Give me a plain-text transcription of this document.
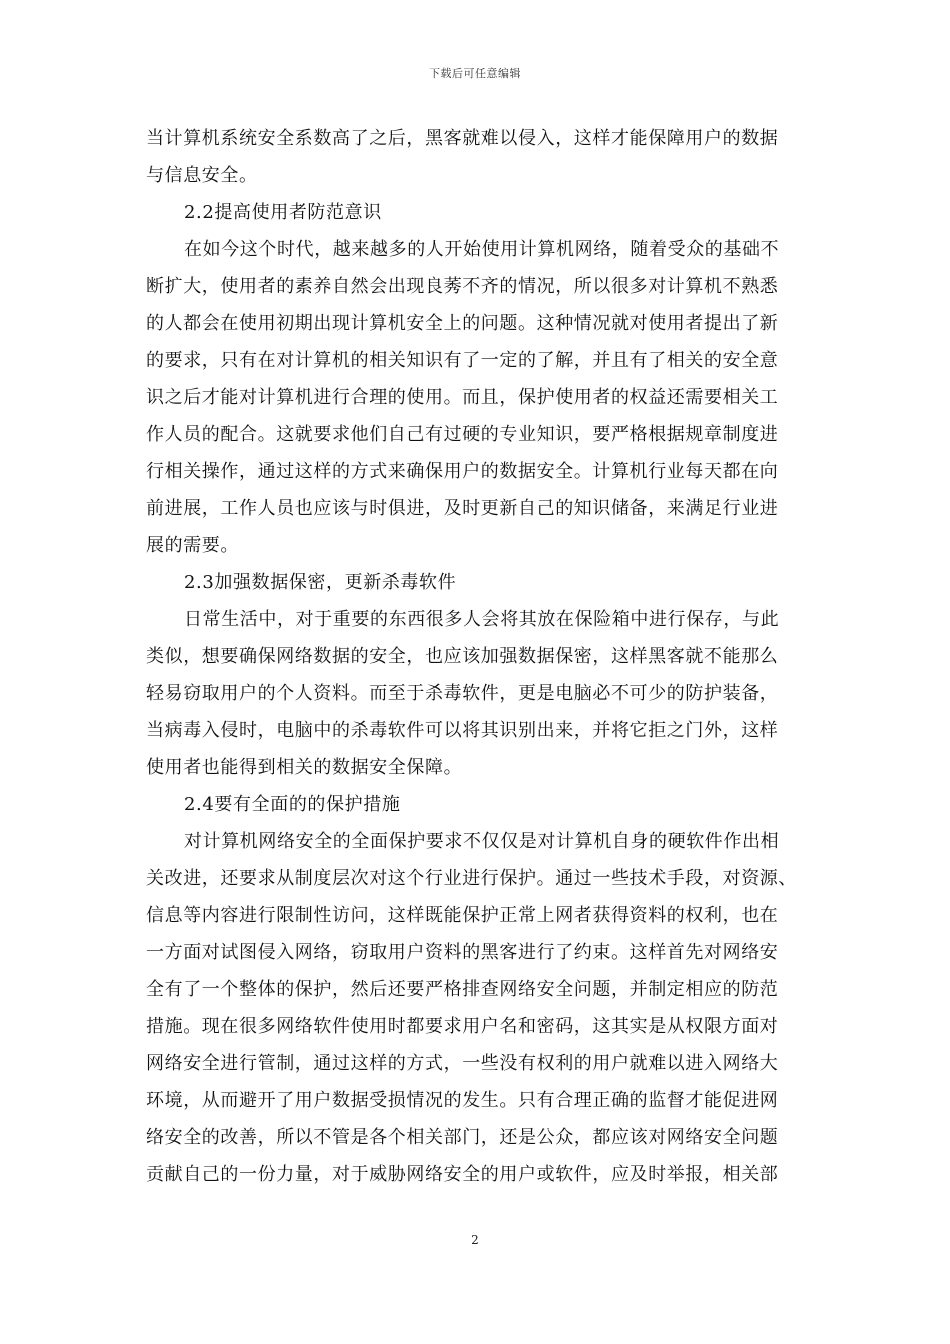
下载后可任意编辑
当计算机系统安全系数高了之后，黑客就难以侵入，这样才能保障用户的数据
与信息安全。
2.2提高使用者防范意识
在如今这个时代，越来越多的人开始使用计算机网络，随着受众的基础不
断扩大，使用者的素养自然会出现良莠不齐的情况，所以很多对计算机不熟悉
的人都会在使用初期出现计算机安全上的问题。这种情况就对使用者提出了新
的要求，只有在对计算机的相关知识有了一定的了解，并且有了相关的安全意
识之后才能对计算机进行合理的使用。而且，保护使用者的权益还需要相关工
作人员的配合。这就要求他们自己有过硬的专业知识，要严格根据规章制度进
行相关操作，通过这样的方式来确保用户的数据安全。计算机行业每天都在向
前进展，工作人员也应该与时俱进，及时更新自己的知识储备，来满足行业进
展的需要。
2.3加强数据保密，更新杀毒软件
日常生活中，对于重要的东西很多人会将其放在保险箱中进行保存，与此
类似，想要确保网络数据的安全，也应该加强数据保密，这样黑客就不能那么
轻易窃取用户的个人资料。而至于杀毒软件，更是电脑必不可少的防护装备，
当病毒入侵时，电脑中的杀毒软件可以将其识别出来，并将它拒之门外，这样
使用者也能得到相关的数据安全保障。
2.4要有全面的的保护措施
对计算机网络安全的全面保护要求不仅仅是对计算机自身的硬软件作出相
关改进，还要求从制度层次对这个行业进行保护。通过一些技术手段，对资源、
信息等内容进行限制性访问，这样既能保护正常上网者获得资料的权利，也在
一方面对试图侵入网络，窃取用户资料的黑客进行了约束。这样首先对网络安
全有了一个整体的保护，然后还要严格排查网络安全问题，并制定相应的防范
措施。现在很多网络软件使用时都要求用户名和密码，这其实是从权限方面对
网络安全进行管制，通过这样的方式，一些没有权利的用户就难以进入网络大
环境，从而避开了用户数据受损情况的发生。只有合理正确的监督才能促进网
络安全的改善，所以不管是各个相关部门，还是公众，都应该对网络安全问题
贡献自己的一份力量，对于威胁网络安全的用户或软件，应及时举报，相关部
2
